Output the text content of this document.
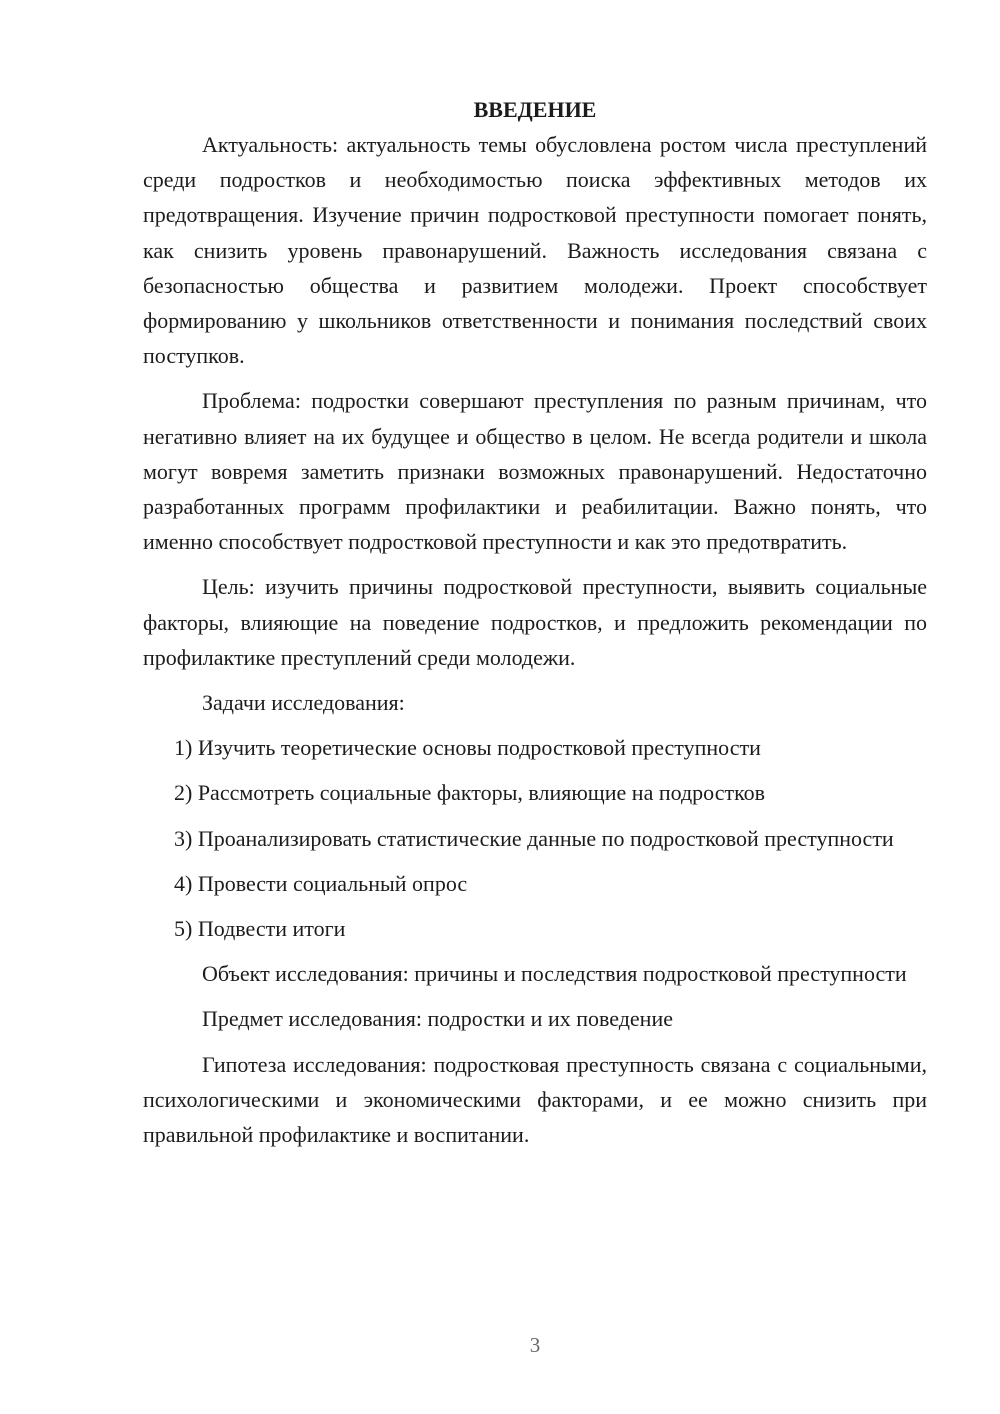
ВВЕДЕНИЕ

Актуальность: актуальность темы обусловлена ростом числа преступлений среди подростков и необходимостью поиска эффективных методов их предотвращения. Изучение причин подростковой преступности помогает понять, как снизить уровень правонарушений. Важность исследования связана с безопасностью общества и развитием молодежи. Проект способствует формированию у школьников ответственности и понимания последствий своих поступков.

Проблема: подростки совершают преступления по разным причинам, что негативно влияет на их будущее и общество в целом. Не всегда родители и школа могут вовремя заметить признаки возможных правонарушений. Недостаточно разработанных программ профилактики и реабилитации. Важно понять, что именно способствует подростковой преступности и как это предотвратить.

Цель: изучить причины подростковой преступности, выявить социальные факторы, влияющие на поведение подростков, и предложить рекомендации по профилактике преступлений среди молодежи.

Задачи исследования:

1) Изучить теоретические основы подростковой преступности

2) Рассмотреть социальные факторы, влияющие на подростков

3) Проанализировать статистические данные по подростковой преступности

4) Провести социальный опрос

5) Подвести итоги

Объект исследования: причины и последствия подростковой преступности

Предмет исследования: подростки и их поведение

Гипотеза исследования: подростковая преступность связана с социальными, психологическими и экономическими факторами, и ее можно снизить при правильной профилактике и воспитании.

3
